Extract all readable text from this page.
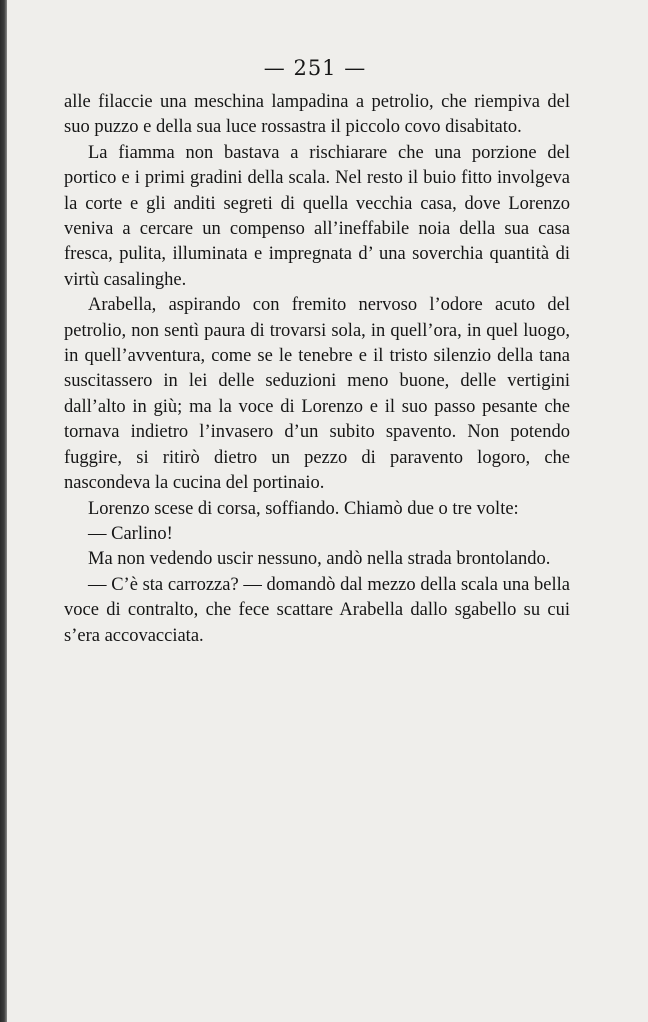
— 251 —

alle filaccie una meschina lampadina a petrolio, che riempiva del suo puzzo e della sua luce rossastra il piccolo covo disabitato.

La fiamma non bastava a rischiarare che una porzione del portico e i primi gradini della scala. Nel resto il buio fitto involgeva la corte e gli anditi segreti di quella vecchia casa, dove Lorenzo veniva a cercare un compenso all’ineffabile noia della sua casa fresca, pulita, illuminata e impregnata d’ una soverchia quantità di virtù casalinghe.

Arabella, aspirando con fremito nervoso l’odore acuto del petrolio, non sentì paura di trovarsi sola, in quell’ora, in quel luogo, in quell’avventura, come se le tenebre e il tristo silenzio della tana suscitassero in lei delle seduzioni meno buone, delle vertigini dall’alto in giù; ma la voce di Lorenzo e il suo passo pesante che tornava indietro l’invasero d’un subito spavento. Non potendo fuggire, si ritirò dietro un pezzo di paravento logoro, che nascondeva la cucina del portinaio.

Lorenzo scese di corsa, soffiando. Chiamò due o tre volte:

— Carlino!

Ma non vedendo uscir nessuno, andò nella strada brontolando.

— C’è sta carrozza? — domandò dal mezzo della scala una bella voce di contralto, che fece scattare Arabella dallo sgabello su cui s’era accovacciata.
